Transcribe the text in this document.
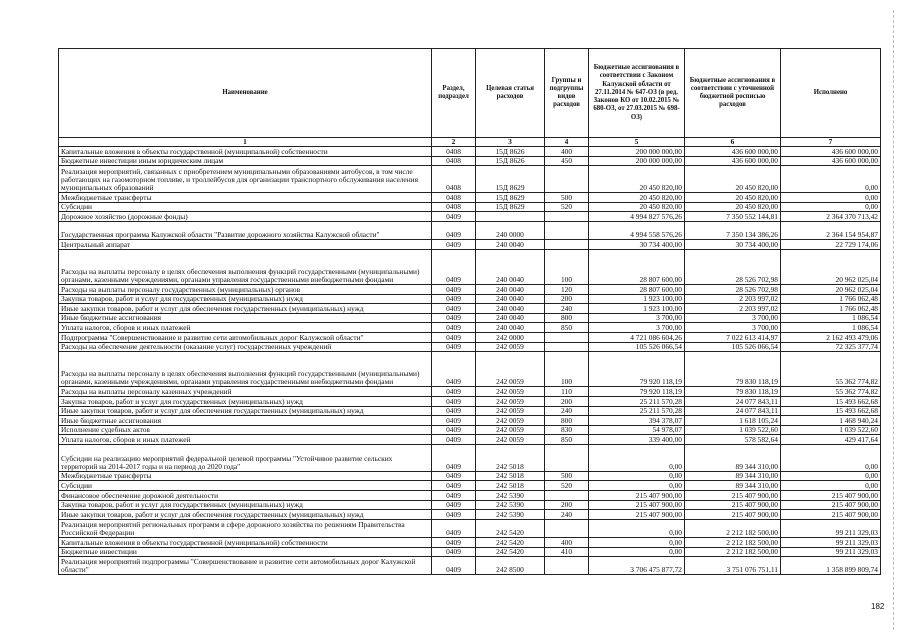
Наименование	Раздел, подраздел	Целевая статья расходов	Группы и подгруппы видов расходов	Бюджетные ассигнования в соответствии с Законом Калужской области от 27.11.2014 № 647-ОЗ (в ред. Законов КО от 10.02.2015 № 680-ОЗ, от 27.03.2015 № 698-ОЗ)	Бюджетные ассигнования в соответствии с уточненной бюджетной росписью расходов	Исполнено
1	2	3	4	5	6	7
Капитальные вложения в объекты государственной (муниципальной) собственности	0408	15Д 8626	400	200 000 000,00	436 600 000,00	436 600 000,00
Бюджетные инвестиции иным юридическим лицам	0408	15Д 8626	450	200 000 000,00	436 600 000,00	436 600 000,00
Реализация мероприятий, связанных с приобретением муниципальными образованиями автобусов, в том числе работающих на газомоторном топливе, и троллейбусов для организации транспортного обслуживания населения муниципальных образований	0408	15Д 8629		20 450 820,00	20 450 820,00	0,00
Межбюджетные трансферты	0408	15Д 8629	500	20 450 820,00	20 450 820,00	0,00
Субсидии	0408	15Д 8629	520	20 450 820,00	20 450 820,00	0,00
Дорожное хозяйство (дорожные фонды)	0409			4 994 827 576,26	7 350 552 144,81	2 364 370 713,42
Государственная программа Калужской области "Развитие дорожного хозяйства Калужской области"	0409	240 0000		4 994 558 576,26	7 350 134 386,26	2 364 154 954,87
Центральный аппарат	0409	240 0040		30 734 400,00	30 734 400,00	22 729 174,06
Расходы на выплаты персоналу в целях обеспечения выполнения функций государственными (муниципальными) органами, казенными учреждениями, органами управления государственными внебюджетными фондами	0409	240 0040	100	28 807 600,00	28 526 702,98	20 962 025,04
Расходы на выплаты персоналу государственных (муниципальных) органов	0409	240 0040	120	28 807 600,00	28 526 702,98	20 962 025,04
Закупка товаров, работ и услуг для государственных (муниципальных) нужд	0409	240 0040	200	1 923 100,00	2 203 997,02	1 766 062,48
Иные закупки товаров, работ и услуг для обеспечения государственных (муниципальных) нужд	0409	240 0040	240	1 923 100,00	2 203 997,02	1 766 062,48
Иные бюджетные ассигнования	0409	240 0040	800	3 700,00	3 700,00	1 086,54
Уплата налогов, сборов и иных платежей	0409	240 0040	850	3 700,00	3 700,00	1 086,54
Подпрограмма "Совершенствование и развитие сети автомобильных дорог Калужской области"	0409	242 0000		4 721 086 604,26	7 022 613 414,97	2 162 493 479,06
Расходы на обеспечение деятельности (оказание услуг) государственных учреждений	0409	242 0059		105 526 066,54	105 526 066,54	72 325 377,74
Расходы на выплаты персоналу в целях обеспечения выполнения функций государственными (муниципальными) органами, казенными учреждениями, органами управления государственными внебюджетными фондами	0409	242 0059	100	79 920 118,19	79 830 118,19	55 362 774,82
Расходы на выплаты персоналу казенных учреждений	0409	242 0059	110	79 920 118,19	79 830 118,19	55 362 774,82
Закупка товаров, работ и услуг для государственных (муниципальных) нужд	0409	242 0059	200	25 211 570,28	24 077 843,11	15 493 662,68
Иные закупки товаров, работ и услуг для обеспечения государственных (муниципальных) нужд	0409	242 0059	240	25 211 570,28	24 077 843,11	15 493 662,68
Иные бюджетные ассигнования	0409	242 0059	800	394 378,07	1 618 105,24	1 468 940,24
Исполнение судебных актов	0409	242 0059	830	54 978,07	1 039 522,60	1 039 522,60
Уплата налогов, сборов и иных платежей	0409	242 0059	850	339 400,00	578 582,64	429 417,64
Субсидии на реализацию мероприятий федеральной целевой программы "Устойчивое развитие сельских территорий на 2014-2017 годы и на период до 2020 года"	0409	242 5018		0,00	89 344 310,00	0,00
Межбюджетные трансферты	0409	242 5018	500	0,00	89 344 310,00	0,00
Субсидии	0409	242 5018	520	0,00	89 344 310,00	0,00
Финансовое обеспечение дорожной деятельности	0409	242 5390		215 407 900,00	215 407 900,00	215 407 900,00
Закупка товаров, работ и услуг для государственных (муниципальных) нужд	0409	242 5390	200	215 407 900,00	215 407 900,00	215 407 900,00
Иные закупки товаров, работ и услуг для обеспечения государственных (муниципальных) нужд	0409	242 5390	240	215 407 900,00	215 407 900,00	215 407 900,00
Реализация мероприятий региональных программ в сфере дорожного хозяйства по решениям Правительства Российской Федерации	0409	242 5420		0,00	2 212 182 500,00	99 211 329,03
Капитальные вложения в объекты государственной (муниципальной) собственности	0409	242 5420	400	0,00	2 212 182 500,00	99 211 329,03
Бюджетные инвестиции	0409	242 5420	410	0,00	2 212 182 500,00	99 211 329,03
Реализация мероприятий подпрограммы "Совершенствование и развитие сети автомобильных дорог Калужской области"	0409	242 8500		3 706 475 877,72	3 751 076 751,11	1 358 899 809,74
182
